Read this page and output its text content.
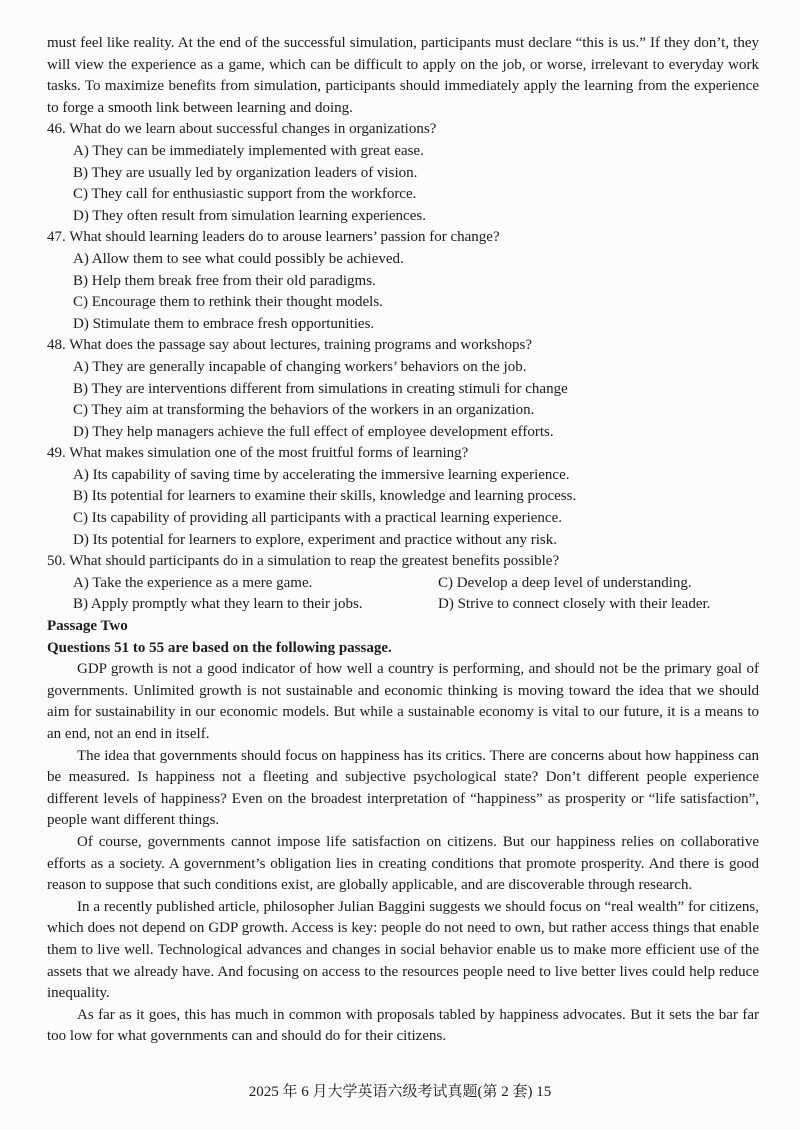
must feel like reality. At the end of the successful simulation, participants must declare “this is us.” If they don’t, they will view the experience as a game, which can be difficult to apply on the job, or worse, irrelevant to everyday work tasks. To maximize benefits from simulation, participants should immediately apply the learning from the experience to forge a smooth link between learning and doing.

46. What do we learn about successful changes in organizations?

A) They can be immediately implemented with great ease.

B) They are usually led by organization leaders of vision.

C) They call for enthusiastic support from the workforce.

D) They often result from simulation learning experiences.

47. What should learning leaders do to arouse learners’ passion for change?

A) Allow them to see what could possibly be achieved.

B) Help them break free from their old paradigms.

C) Encourage them to rethink their thought models.

D) Stimulate them to embrace fresh opportunities.

48. What does the passage say about lectures, training programs and workshops?

A) They are generally incapable of changing workers’ behaviors on the job.

B) They are interventions different from simulations in creating stimuli for change

C) They aim at transforming the behaviors of the workers in an organization.

D) They help managers achieve the full effect of employee development efforts.

49. What makes simulation one of the most fruitful forms of learning?

A) Its capability of saving time by accelerating the immersive learning experience.

B) Its potential for learners to examine their skills, knowledge and learning process.

C) Its capability of providing all participants with a practical learning experience.

D) Its potential for learners to explore, experiment and practice without any risk.

50. What should participants do in a simulation to reap the greatest benefits possible?

A) Take the experience as a mere game.	C) Develop a deep level of understanding.
B) Apply promptly what they learn to their jobs.	D) Strive to connect closely with their leader.

Passage Two

Questions 51 to 55 are based on the following passage.

GDP growth is not a good indicator of how well a country is performing, and should not be the primary goal of governments. Unlimited growth is not sustainable and economic thinking is moving toward the idea that we should aim for sustainability in our economic models. But while a sustainable economy is vital to our future, it is a means to an end, not an end in itself.

The idea that governments should focus on happiness has its critics. There are concerns about how happiness can be measured. Is happiness not a fleeting and subjective psychological state? Don’t different people experience different levels of happiness? Even on the broadest interpretation of “happiness” as prosperity or “life satisfaction”, people want different things.

Of course, governments cannot impose life satisfaction on citizens. But our happiness relies on collaborative efforts as a society. A government’s obligation lies in creating conditions that promote prosperity. And there is good reason to suppose that such conditions exist, are globally applicable, and are discoverable through research.

In a recently published article, philosopher Julian Baggini suggests we should focus on “real wealth” for citizens, which does not depend on GDP growth. Access is key: people do not need to own, but rather access things that enable them to live well. Technological advances and changes in social behavior enable us to make more efficient use of the assets that we already have. And focusing on access to the resources people need to live better lives could help reduce inequality.

As far as it goes, this has much in common with proposals tabled by happiness advocates. But it sets the bar far too low for what governments can and should do for their citizens.

2025 年 6 月大学英语六级考试真题(第 2 套) 15
